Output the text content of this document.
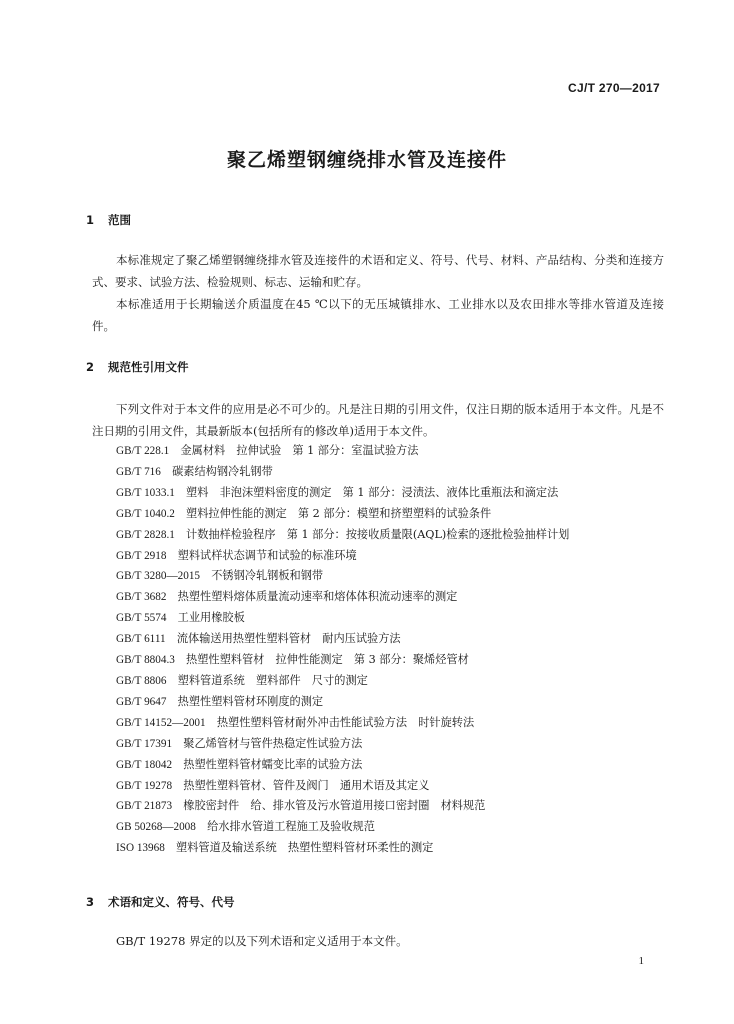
CJ/T 270—2017
聚乙烯塑钢缠绕排水管及连接件
1 范围
本标准规定了聚乙烯塑钢缠绕排水管及连接件的术语和定义、符号、代号、材料、产品结构、分类和连接方式、要求、试验方法、检验规则、标志、运输和贮存。
本标准适用于长期输送介质温度在45 ℃以下的无压城镇排水、工业排水以及农田排水等排水管道及连接件。
2 规范性引用文件
下列文件对于本文件的应用是必不可少的。凡是注日期的引用文件，仅注日期的版本适用于本文件。凡是不注日期的引用文件，其最新版本(包括所有的修改单)适用于本文件。
GB/T 228.1　 金属材料　拉伸试验　第 1 部分：室温试验方法
GB/T 716　 碳素结构钢冷轧钢带
GB/T 1033.1　 塑料　非泡沫塑料密度的测定　第 1 部分：浸渍法、液体比重瓶法和滴定法
GB/T 1040.2　 塑料拉伸性能的测定　第 2 部分：模塑和挤塑塑料的试验条件
GB/T 2828.1　 计数抽样检验程序　第 1 部分：按接收质量限(AQL)检索的逐批检验抽样计划
GB/T 2918　 塑料试样状态调节和试验的标准环境
GB/T 3280—2015　 不锈钢冷轧钢板和钢带
GB/T 3682　 热塑性塑料熔体质量流动速率和熔体体积流动速率的测定
GB/T 5574　 工业用橡胶板
GB/T 6111　 流体输送用热塑性塑料管材　耐内压试验方法
GB/T 8804.3　 热塑性塑料管材　拉伸性能测定　第 3 部分：聚烯烃管材
GB/T 8806　 塑料管道系统　塑料部件　尺寸的测定
GB/T 9647　 热塑性塑料管材环刚度的测定
GB/T 14152—2001　 热塑性塑料管材耐外冲击性能试验方法　时针旋转法
GB/T 17391　 聚乙烯管材与管件热稳定性试验方法
GB/T 18042　 热塑性塑料管材蠕变比率的试验方法
GB/T 19278　 热塑性塑料管材、管件及阀门　通用术语及其定义
GB/T 21873　 橡胶密封件　给、排水管及污水管道用接口密封圈　材料规范
GB 50268—2008　 给水排水管道工程施工及验收规范
ISO 13968　 塑料管道及输送系统　热塑性塑料管材环柔性的测定
3 术语和定义、符号、代号
GB/T 19278 界定的以及下列术语和定义适用于本文件。
1
